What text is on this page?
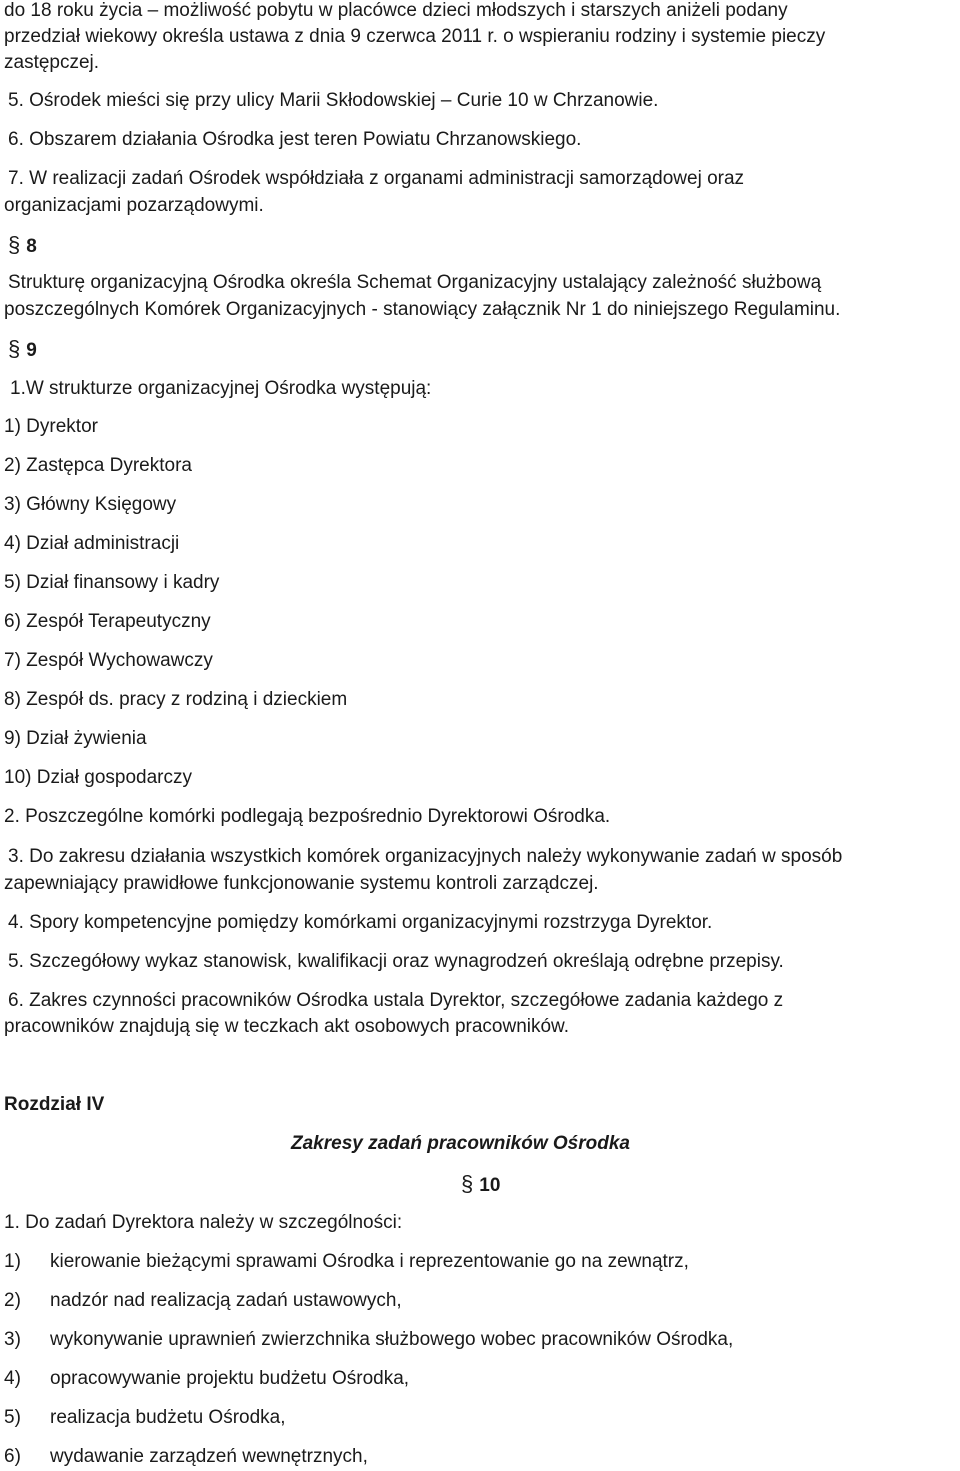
do 18 roku życia – możliwość pobytu w placówce dzieci młodszych i starszych aniżeli podany
przedział wiekowy określa ustawa z dnia 9 czerwca 2011 r. o wspieraniu rodziny i systemie pieczy
zastępczej.
5. Ośrodek mieści się przy ulicy Marii Skłodowskiej – Curie 10 w Chrzanowie.
6. Obszarem działania Ośrodka jest teren Powiatu Chrzanowskiego.
7. W realizacji zadań Ośrodek współdziała z organami administracji samorządowej oraz
organizacjami pozarządowymi.
§ 8
Strukturę organizacyjną Ośrodka określa Schemat Organizacyjny ustalający zależność służbową
poszczególnych Komórek Organizacyjnych - stanowiący załącznik Nr 1 do niniejszego Regulaminu.
§ 9
1.W strukturze organizacyjnej Ośrodka występują:
1) Dyrektor
2) Zastępca Dyrektora
3) Główny Księgowy
4) Dział administracji
5) Dział finansowy i kadry
6) Zespół Terapeutyczny
7) Zespół Wychowawczy
8) Zespół ds. pracy z rodziną i dzieckiem
9) Dział żywienia
10) Dział gospodarczy
2. Poszczególne komórki podlegają bezpośrednio Dyrektorowi Ośrodka.
3. Do zakresu działania wszystkich komórek organizacyjnych należy wykonywanie zadań w sposób
zapewniający prawidłowe funkcjonowanie systemu kontroli zarządczej.
4. Spory kompetencyjne pomiędzy komórkami organizacyjnymi rozstrzyga Dyrektor.
5. Szczegółowy wykaz stanowisk, kwalifikacji oraz wynagrodzeń określają odrębne przepisy.
6. Zakres czynności pracowników Ośrodka ustala Dyrektor, szczegółowe zadania każdego z
pracowników znajdują się w teczkach akt osobowych pracowników.
Rozdział IV
Zakresy zadań pracowników Ośrodka
§ 10
1. Do zadań Dyrektora należy w szczególności:
1) kierowanie bieżącymi sprawami Ośrodka i reprezentowanie go na zewnątrz,
2) nadzór nad realizacją zadań ustawowych,
3) wykonywanie uprawnień zwierzchnika służbowego wobec pracowników Ośrodka,
4) opracowywanie projektu budżetu Ośrodka,
5) realizacja budżetu Ośrodka,
6) wydawanie zarządzeń wewnętrznych,
